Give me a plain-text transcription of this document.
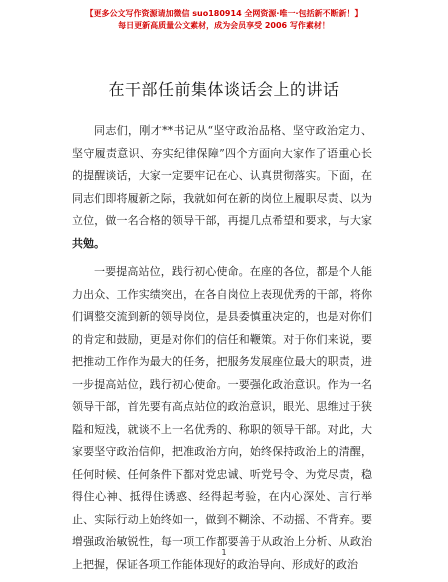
【更多公文写作资源请加微信 suo180914 全网资源·唯一·包括新不断新！】
每日更新高质量公文素材，成为会员享受 2006 写作素材！
在干部任前集体谈话会上的讲话

同志们，刚才**书记从“坚守政治品格、坚守政治定力、坚守履责意识、夯实纪律保障”四个方面向大家作了语重心长的提醒谈话，大家一定要牢记在心、认真贯彻落实。下面，在同志们即将履新之际，我就如何在新的岗位上履职尽责、以为立位，做一名合格的领导干部，再提几点希望和要求，与大家共勉。

一要提高站位，践行初心使命。在座的各位，都是个人能力出众、工作实绩突出，在各自岗位上表现优秀的干部，将你们调整交流到新的领导岗位，是县委慎重决定的，也是对你们的肯定和鼓励，更是对你们的信任和鞭策。对于你们来说，要把推动工作作为最大的任务，把服务发展座位最大的职责，进一步提高站位，践行初心使命。一要强化政治意识。作为一名领导干部，首先要有高点站位的政治意识，眼光、思维过于狭隘和短浅，就谈不上一名优秀的、称职的领导干部。对此，大家要坚守政治信仰，把准政治方向，始终保持政治上的清醒，任何时候、任何条件下都对党忠诚、听党号令、为党尽责，稳得住心神、抵得住诱惑、经得起考验，在内心深处、言行举止、实际行动上始终如一，做到不糊涂、不动摇、不背弃。要增强政治敏锐性，每一项工作都要善于从政治上分析、从政治上把握，保证各项工作能体现好的政治导向、形成好的政治

1
